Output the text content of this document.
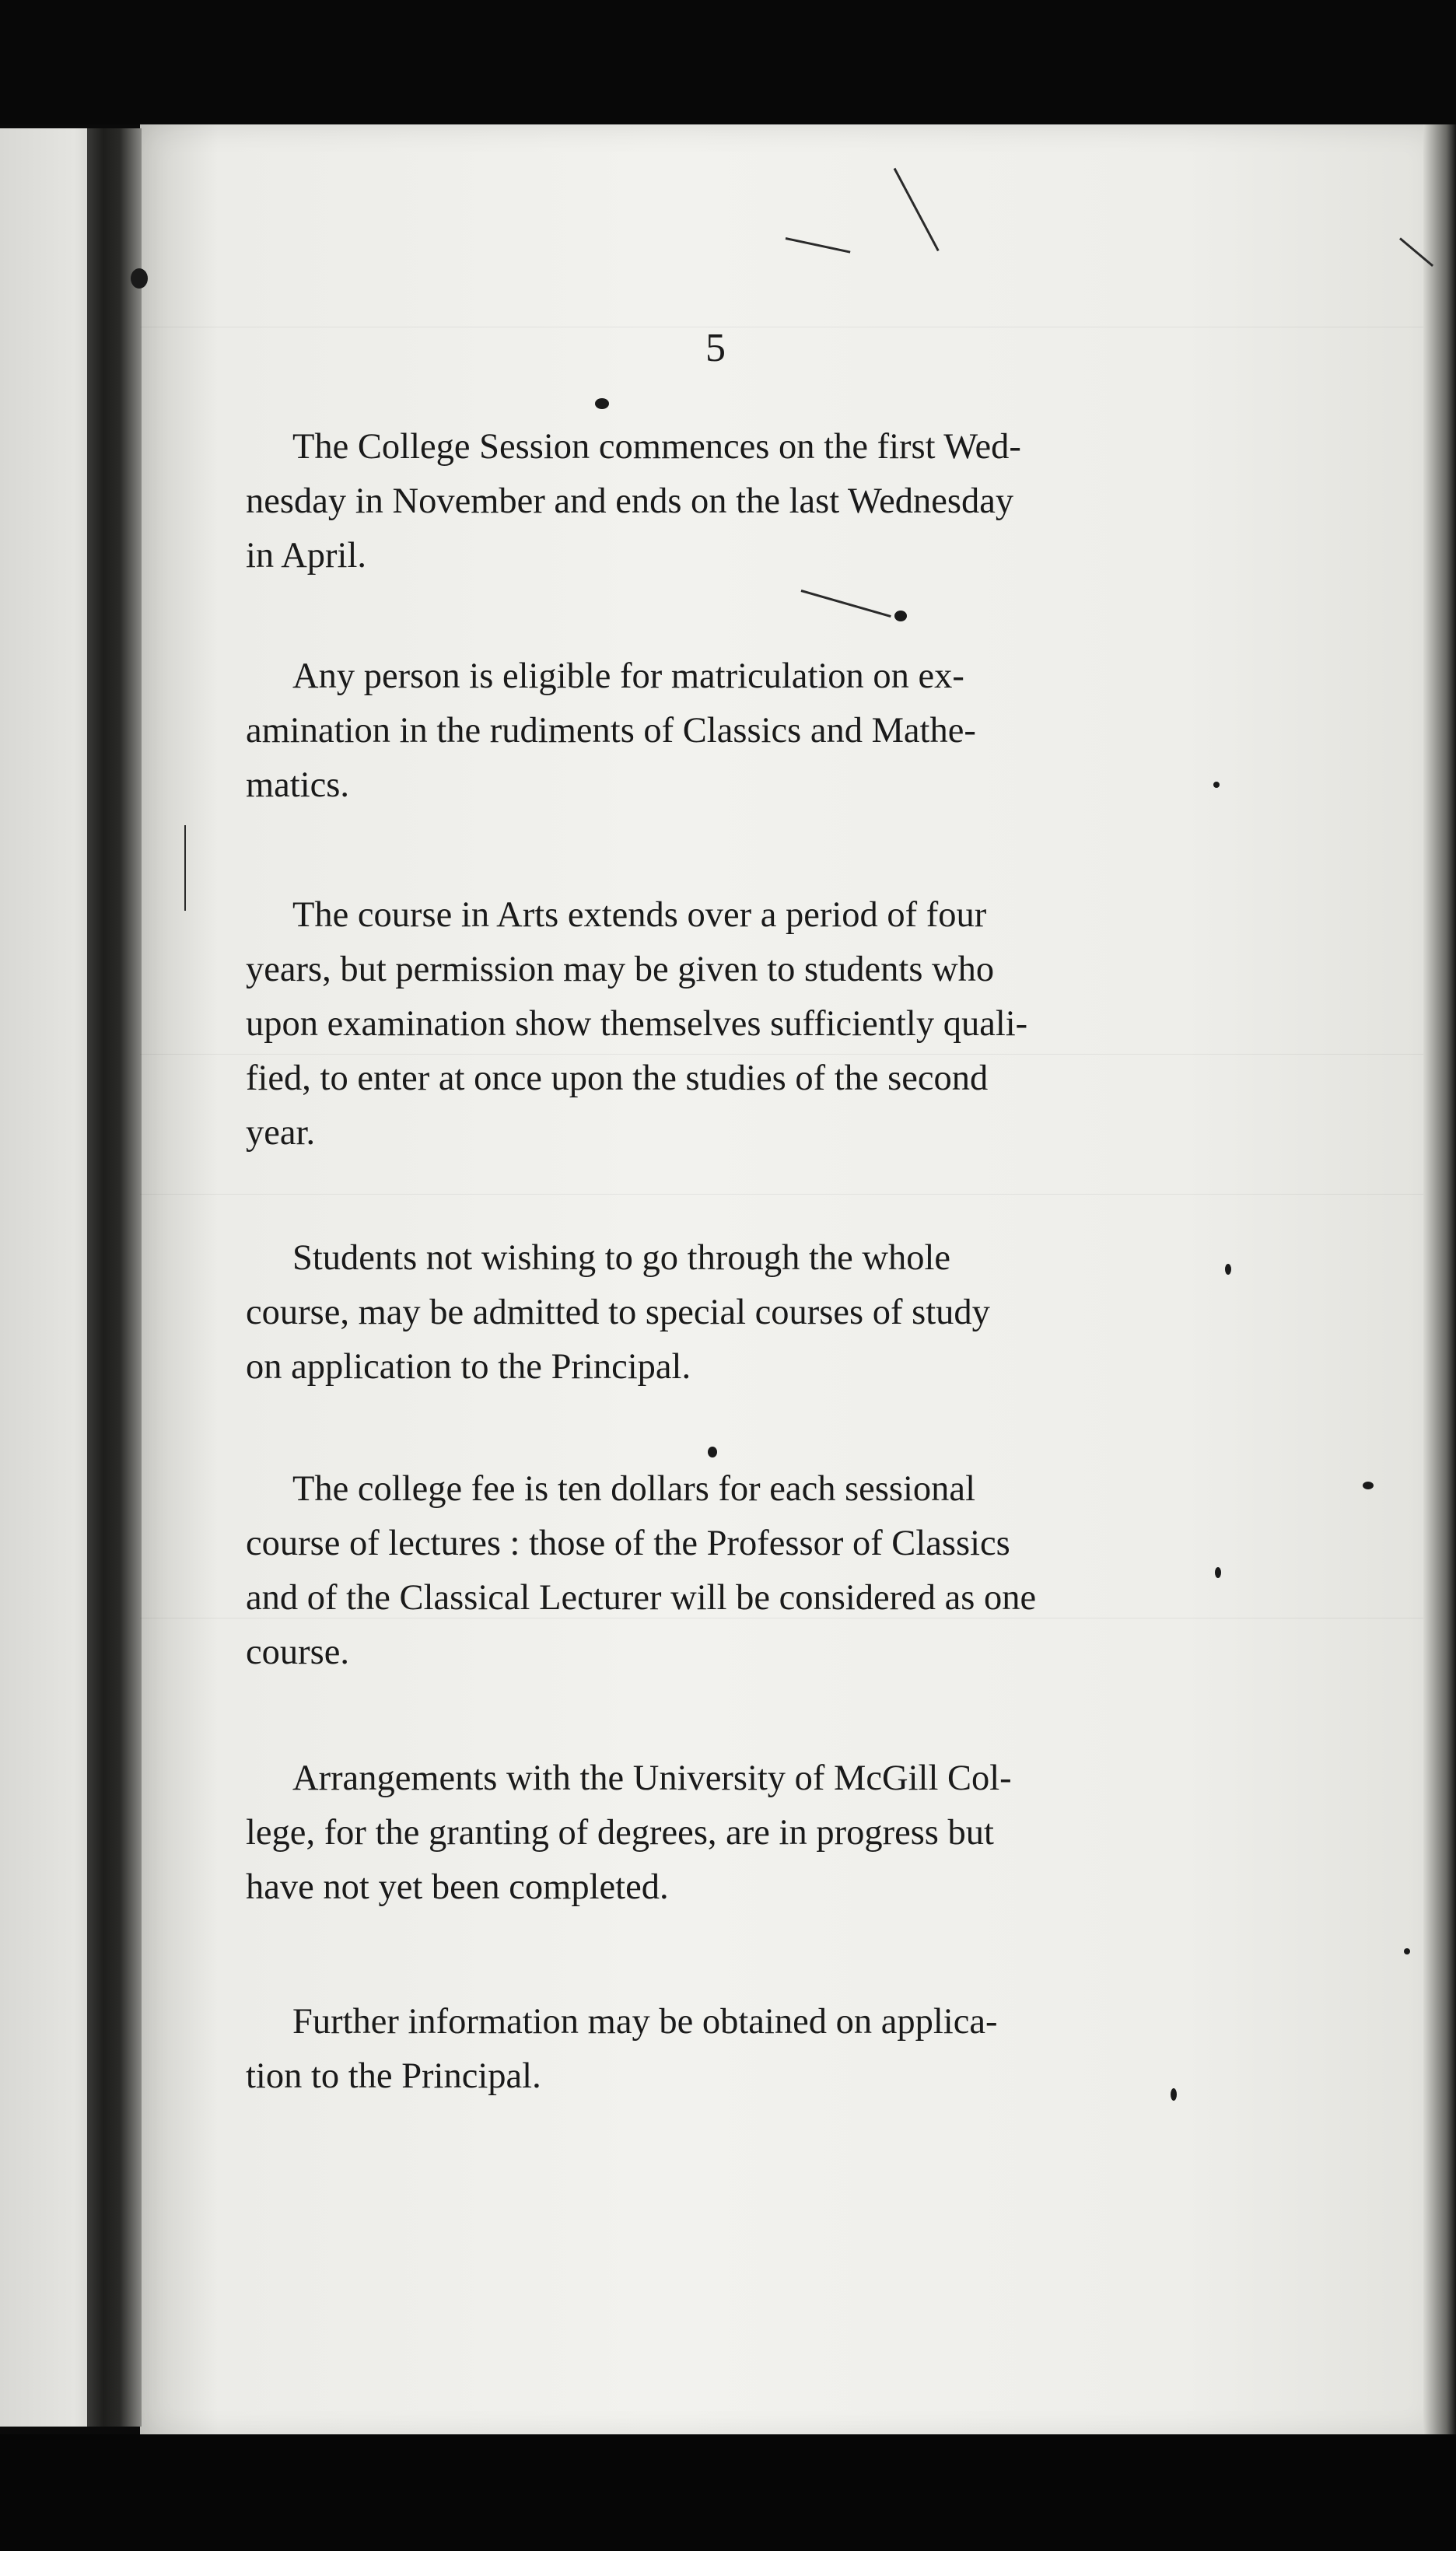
5
The College Session commences on the first Wed-
nesday in November and ends on the last Wednesday
in April.
Any person is eligible for matriculation on ex-
amination in the rudiments of Classics and Mathe-
matics.
The course in Arts extends over a period of four
years, but permission may be given to students who
upon examination show themselves sufficiently quali-
fied, to enter at once upon the studies of the second
year.
Students not wishing to go through the whole
course, may be admitted to special courses of study
on application to the Principal.
The college fee is ten dollars for each sessional
course of lectures : those of the Professor of Classics
and of the Classical Lecturer will be considered as one
course.
Arrangements with the University of McGill Col-
lege, for the granting of degrees, are in progress but
have not yet been completed.
Further information may be obtained on applica-
tion to the Principal.
